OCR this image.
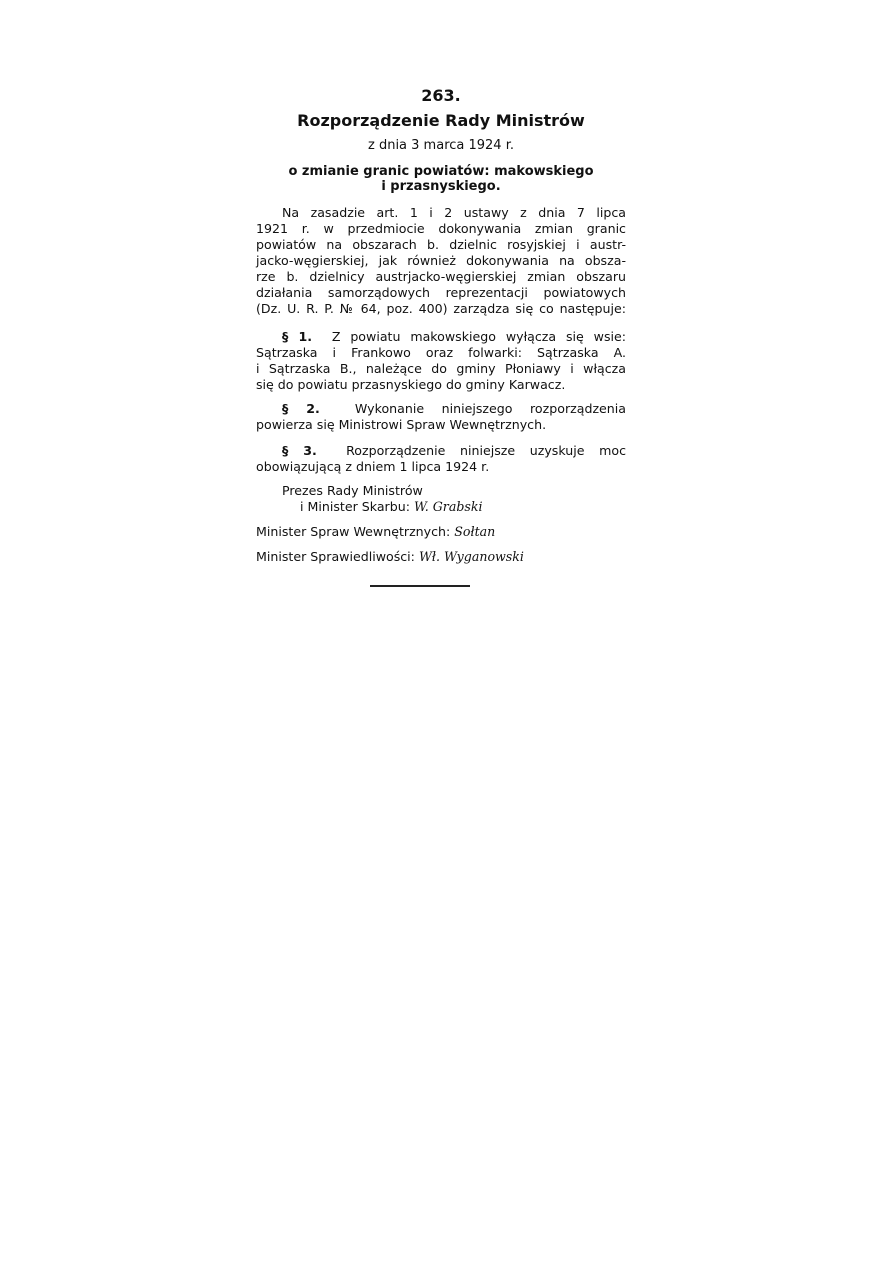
263.
Rozporządzenie Rady Ministrów
z dnia 3 marca 1924 r.
o zmianie granic powiatów: makowskiego
i przasnyskiego.
Na zasadzie art. 1 i 2 ustawy z dnia 7 lipca
1921 r. w przedmiocie dokonywania zmian granic
powiatów na obszarach b. dzielnic rosyjskiej i austr-
jacko-węgierskiej, jak również dokonywania na obsza-
rze b. dzielnicy austrjacko-węgierskiej zmian obszaru
działania samorządowych reprezentacji powiatowych
(Dz. U. R. P. № 64, poz. 400) zarządza się co następuje:
§ 1. Z powiatu makowskiego wyłącza się wsie:
Sątrzaska i Frankowo oraz folwarki: Sątrzaska A.
i Sątrzaska B., należące do gminy Płoniawy i włącza
się do powiatu przasnyskiego do gminy Karwacz.
§ 2.	Wykonanie niniejszego rozporządzenia
powierza się Ministrowi Spraw Wewnętrznych.
§ 3. Rozporządzenie niniejsze uzyskuje moc
obowiązującą z dniem 1 lipca 1924 r.
Prezes Rady Ministrów
i Minister Skarbu: W. Grabski
Minister Spraw Wewnętrznych: Sołtan
Minister Sprawiedliwości: Wł. Wyganowski
